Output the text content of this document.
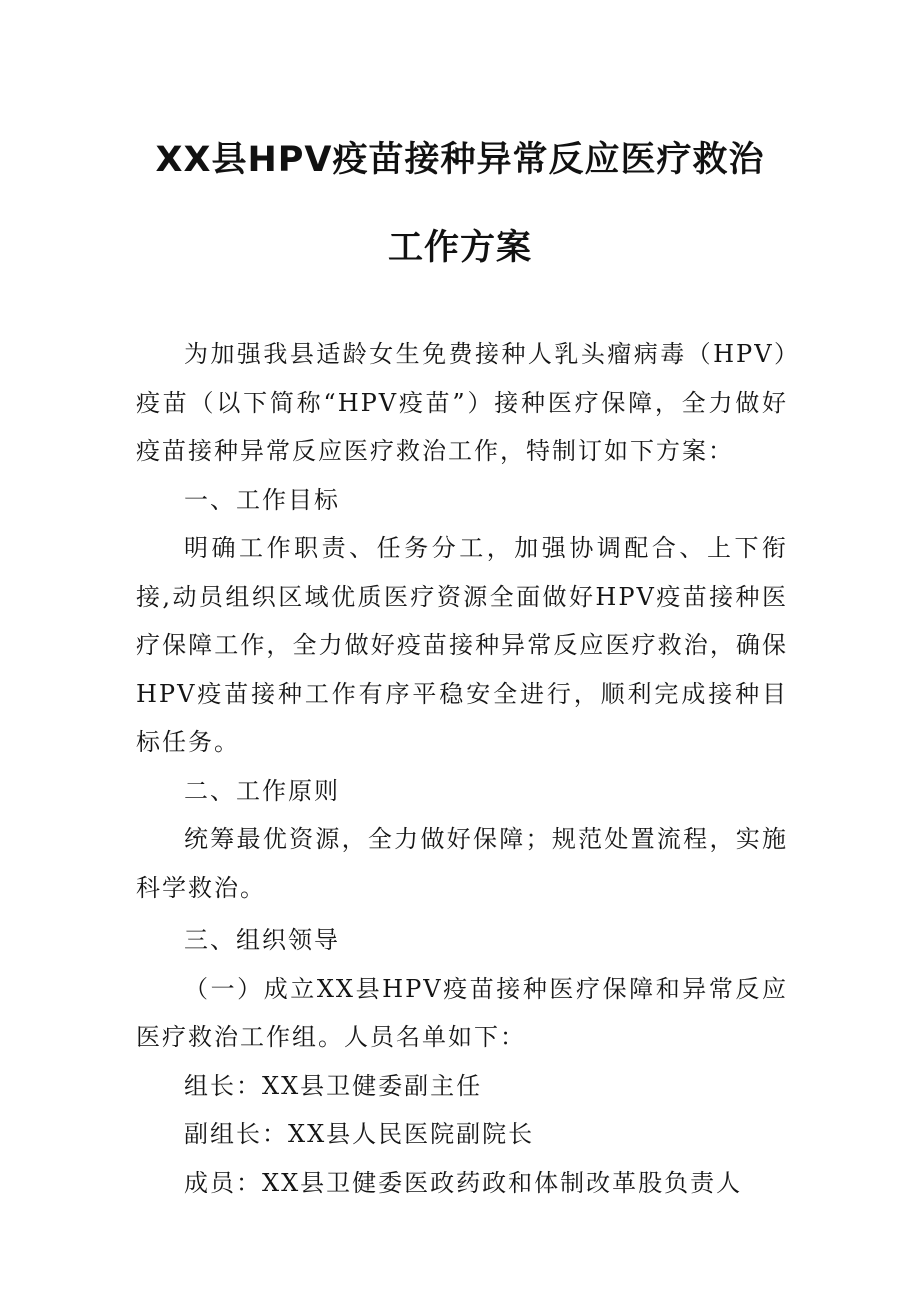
XX县HPV疫苗接种异常反应医疗救治
工作方案

为加强我县适龄女生免费接种人乳头瘤病毒（HPV）疫苗（以下简称“HPV疫苗”）接种医疗保障，全力做好疫苗接种异常反应医疗救治工作，特制订如下方案：

一、工作目标

明确工作职责、任务分工，加强协调配合、上下衔接,动员组织区域优质医疗资源全面做好HPV疫苗接种医疗保障工作，全力做好疫苗接种异常反应医疗救治，确保HPV疫苗接种工作有序平稳安全进行，顺利完成接种目标任务。

二、工作原则

统筹最优资源，全力做好保障；规范处置流程，实施科学救治。

三、组织领导

（一）成立XX县HPV疫苗接种医疗保障和异常反应医疗救治工作组。人员名单如下：

组长：XX县卫健委副主任

副组长：XX县人民医院副院长

成员：XX县卫健委医政药政和体制改革股负责人
